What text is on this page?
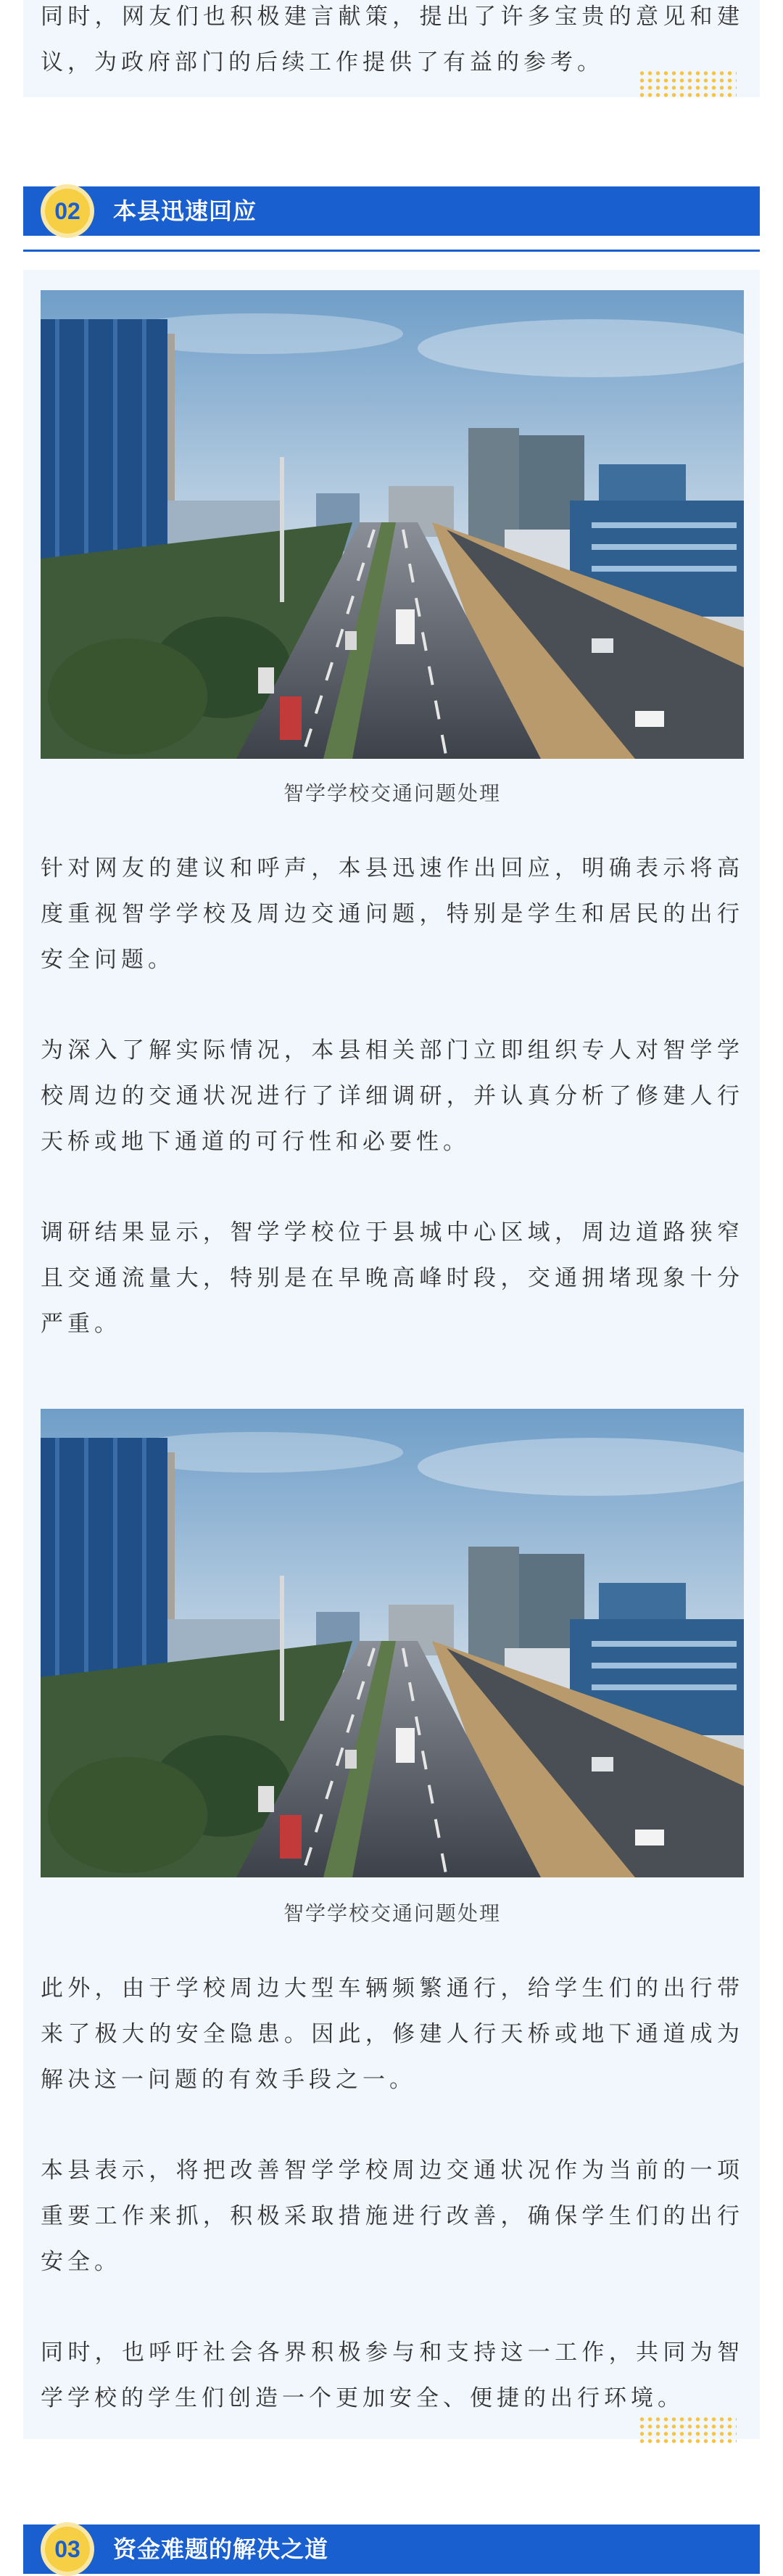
同时，网友们也积极建言献策，提出了许多宝贵的意见和建议，为政府部门的后续工作提供了有益的参考。

02	本县迅速回应
智学学校交通问题处理

针对网友的建议和呼声，本县迅速作出回应，明确表示将高度重视智学学校及周边交通问题，特别是学生和居民的出行安全问题。

为深入了解实际情况，本县相关部门立即组织专人对智学学校周边的交通状况进行了详细调研，并认真分析了修建人行天桥或地下通道的可行性和必要性。

调研结果显示，智学学校位于县城中心区域，周边道路狭窄且交通流量大，特别是在早晚高峰时段，交通拥堵现象十分严重。

智学学校交通问题处理

此外，由于学校周边大型车辆频繁通行，给学生们的出行带来了极大的安全隐患。因此，修建人行天桥或地下通道成为解决这一问题的有效手段之一。

本县表示，将把改善智学学校周边交通状况作为当前的一项重要工作来抓，积极采取措施进行改善，确保学生们的出行安全。

同时，也呼吁社会各界积极参与和支持这一工作，共同为智学学校的学生们创造一个更加安全、便捷的出行环境。

03	资金难题的解决之道
